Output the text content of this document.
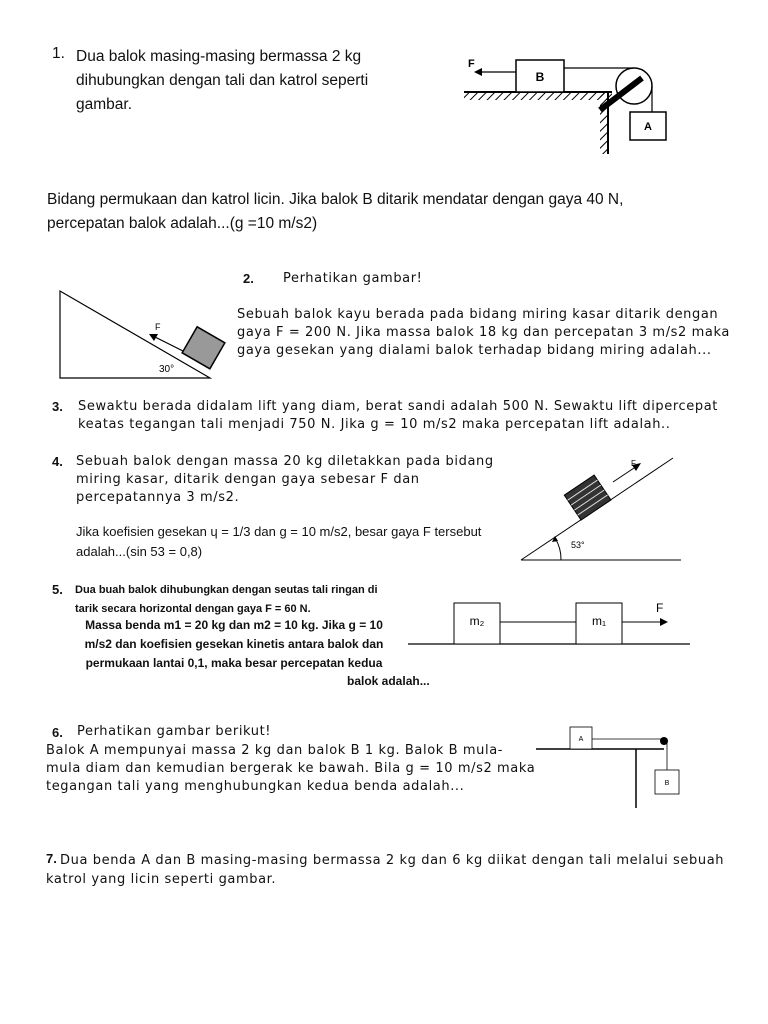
1. Dua balok masing-masing bermassa 2 kg
dihubungkan dengan tali dan katrol seperti
gambar.
B
F
A
Bidang permukaan dan katrol licin. Jika balok B ditarik mendatar dengan gaya 40 N,
percepatan balok adalah...(g =10 m/s2)
F
30°
2. Perhatikan gambar!
Sebuah balok kayu berada pada bidang miring kasar ditarik dengan
gaya F = 200 N. Jika massa balok 18 kg dan percepatan 3 m/s2 maka
gaya gesekan yang dialami balok terhadap bidang miring adalah...
3. Sewaktu berada didalam lift yang diam, berat sandi adalah 500 N. Sewaktu lift dipercepat
keatas tegangan tali menjadi 750 N. Jika g = 10 m/s2 maka percepatan lift adalah..
4. Sebuah balok dengan massa 20 kg diletakkan pada bidang
miring kasar, ditarik dengan gaya sebesar F dan
percepatannya 3 m/s2.
Jika koefisien gesekan ɥ = 1/3 dan g = 10 m/s2, besar gaya F tersebut
adalah...(sin 53 = 0,8)
F
53°
5. Dua buah balok dihubungkan dengan seutas tali ringan di
tarik secara horizontal dengan gaya F = 60 N.
Massa benda m1 = 20 kg dan m2 = 10 kg. Jika g = 10
m/s2 dan koefisien gesekan kinetis antara balok dan
permukaan lantai 0,1, maka besar percepatan kedua
balok adalah...
m₂	m₁
F
6. Perhatikan gambar berikut!
Balok A mempunyai massa 2 kg dan balok B 1 kg. Balok B mula-
mula diam dan kemudian bergerak ke bawah. Bila g = 10 m/s2 maka
tegangan tali yang menghubungkan kedua benda adalah...
A
B
7. Dua benda A dan B masing-masing bermassa 2 kg dan 6 kg diikat dengan tali melalui sebuah
katrol yang licin seperti gambar.
